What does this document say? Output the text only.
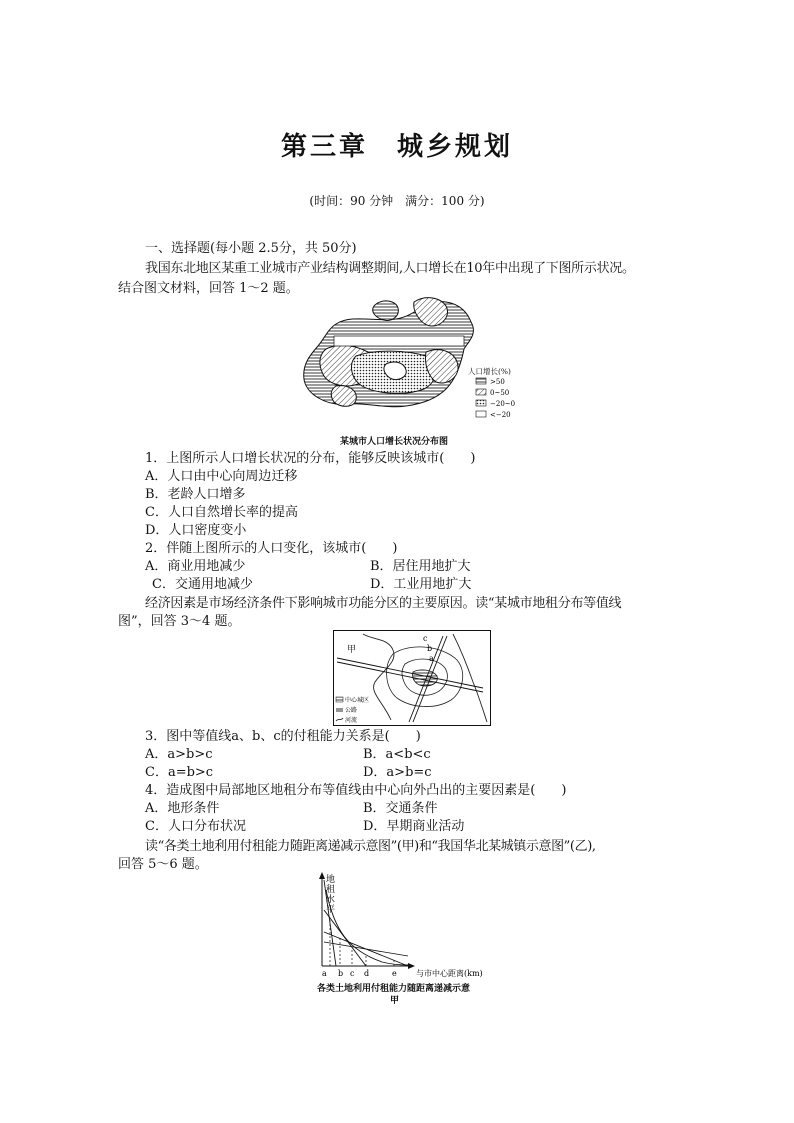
第三章　城乡规划
(时间：90 分钟　满分：100 分)
一、选择题(每小题 2.5分，共 50分)
我国东北地区某重工业城市产业结构调整期间,人口增长在10年中出现了下图所示状况。
结合图文材料，回答 1～2 题。
人口增长(%)
>50
0~50
−20~0
<−20
某城市人口增长状况分布图
1．上图所示人口增长状况的分布，能够反映该城市(　　)
A．人口由中心向周边迁移
B．老龄人口增多
C．人口自然增长率的提高
D．人口密度变小
2．伴随上图所示的人口变化，该城市(　　)
A．商业用地减少	B．居住用地扩大
C．交通用地减少	D．工业用地扩大
经济因素是市场经济条件下影响城市功能分区的主要原因。读“某城市地租分布等值线
图”，回答 3～4 题。
甲
c
b
a
中心城区
公路
河流
3．图中等值线a、b、c的付租能力关系是(　　)
A．a>b>c	B．a<b<c
C．a=b>c	D．a>b=c
4．造成图中局部地区地租分布等值线由中心向外凸出的主要因素是(　　)
A．地形条件	B．交通条件
C．人口分布状况	D．早期商业活动
读“各类土地利用付租能力随距离递减示意图”(甲)和“我国华北某城镇示意图”(乙),
回答 5～6 题。
地租水平
a b c d	e 与市中心距离(km)
各类土地利用付租能力随距离递减示意
甲
